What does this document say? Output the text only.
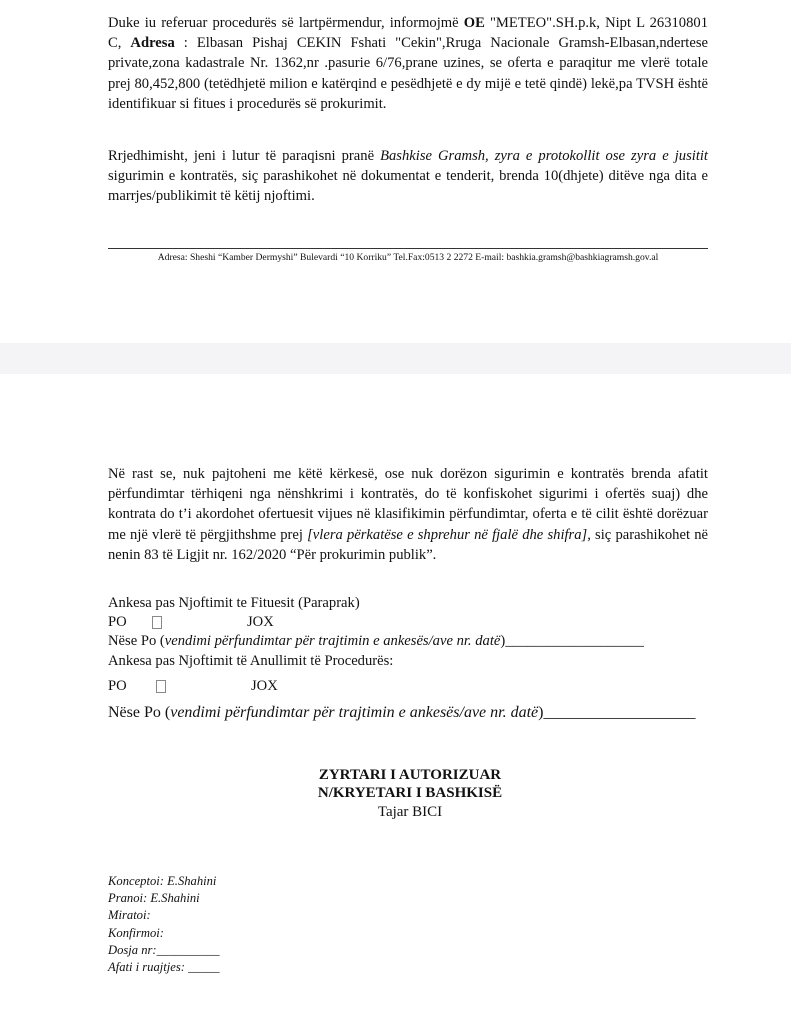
Duke iu referuar procedurës së lartpërmendur, informojmë OE "METEO".SH.p.k, Nipt L 26310801 C, Adresa : Elbasan Pishaj CEKIN Fshati "Cekin",Rruga Nacionale Gramsh-Elbasan,ndertese private,zona kadastrale Nr. 1362,nr .pasurie 6/76,prane uzines, se oferta e paraqitur me vlerë totale prej 80,452,800 (tetëdhjetë milion e katërqind e pesëdhjetë e dy mijë e tetë qindë) lekë,pa TVSH është identifikuar si fitues i procedurës së prokurimit.
Rrjedhimisht, jeni i lutur të paraqisni pranë Bashkise Gramsh, zyra e protokollit ose zyra e jusitit sigurimin e kontratës, siç parashikohet në dokumentat e tenderit, brenda 10(dhjete) ditëve nga dita e marrjes/publikimit të këtij njoftimi.
Adresa: Sheshi “Kamber Dermyshi” Bulevardi “10 Korriku” Tel.Fax:0513 2 2272 E-mail: bashkia.gramsh@bashkiagramsh.gov.al
Në rast se, nuk pajtoheni me këtë kërkesë, ose nuk dorëzon sigurimin e kontratës brenda afatit përfundimtar tërhiqeni nga nënshkrimi i kontratës, do të konfiskohet sigurimi i ofertës suaj) dhe kontrata do t’i akordohet ofertuesit vijues në klasifikimin përfundimtar, oferta e të cilit është dorëzuar me një vlerë të përgjithshme prej [vlera përkatëse e shprehur në fjalë dhe shifra], siç parashikohet në nenin 83 të Ligjit nr. 162/2020 “Për prokurimin publik”.
Ankesa pas Njoftimit te Fituesit (Paraprak)
PO	JOX
Nëse Po (vendimi përfundimtar për trajtimin e ankesës/ave nr. datë)___________________
Ankesa pas Njoftimit të Anullimit të Procedurës:
PO	JOX
Nëse Po (vendimi përfundimtar për trajtimin e ankesës/ave nr. datë)___________________
ZYRTARI I AUTORIZUAR
N/KRYETARI I BASHKISË
Tajar BICI
Konceptoi: E.Shahini
Pranoi: E.Shahini
Miratoi:
Konfirmoi:
Dosja nr:__________
Afati i ruajtjes: _____
